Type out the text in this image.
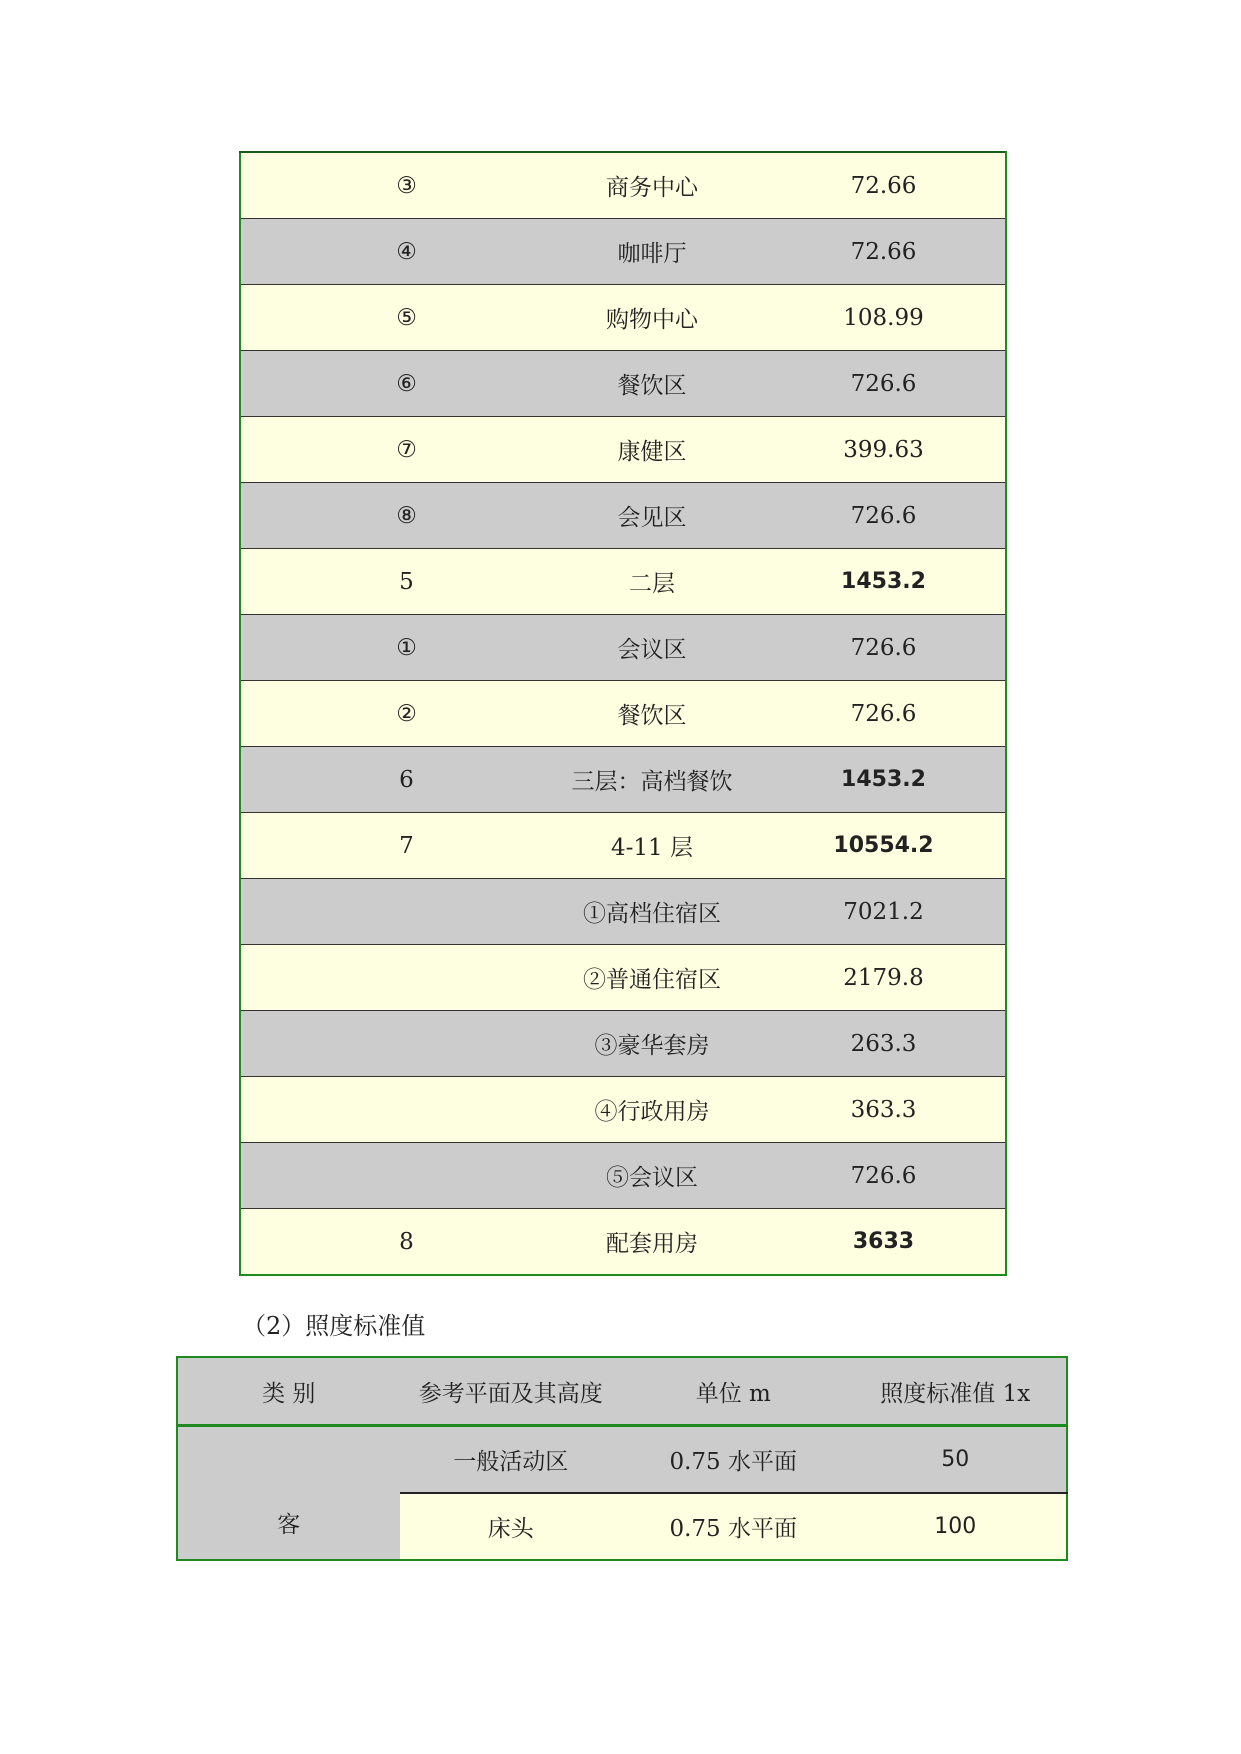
③	商务中心	72.66
④	咖啡厅	72.66
⑤	购物中心	108.99
⑥	餐饮区	726.6
⑦	康健区	399.63
⑧	会见区	726.6
5	二层	1453.2
①	会议区	726.6
②	餐饮区	726.6
6	三层：高档餐饮	1453.2
7	4-11 层	10554.2
	①高档住宿区	7021.2
	②普通住宿区	2179.8
	③豪华套房	263.3
	④行政用房	363.3
	⑤会议区	726.6
8	配套用房	3633

（2）照度标准值

类 别	参考平面及其高度	单位 m	照度标准值 1x
客	一般活动区	0.75 水平面	50
	床头	0.75 水平面	100
